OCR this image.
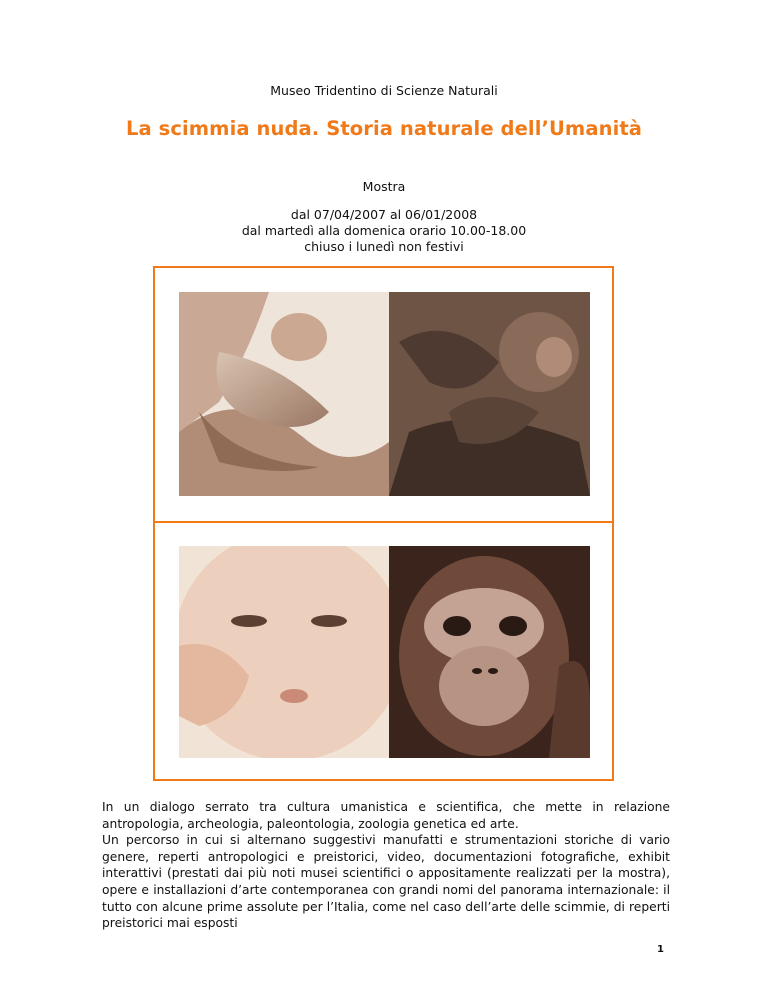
Museo Tridentino di Scienze Naturali
La scimmia nuda. Storia naturale dell’Umanità
Mostra
dal 07/04/2007 al 06/01/2008
dal martedì alla domenica orario 10.00-18.00
chiuso i lunedì non festivi

In un dialogo serrato tra cultura umanistica e scientifica, che mette in relazione antropologia, archeologia, paleontologia, zoologia genetica ed arte.

Un percorso in cui si alternano suggestivi manufatti e strumentazioni storiche di vario genere, reperti antropologici e preistorici, video, documentazioni fotografiche, exhibit interattivi (prestati dai più noti musei scientifici o appositamente realizzati per la mostra), opere e installazioni d’arte contemporanea con grandi nomi del panorama internazionale: il tutto con alcune prime assolute per l’Italia, come nel caso dell’arte delle scimmie, di reperti preistorici mai esposti

1
